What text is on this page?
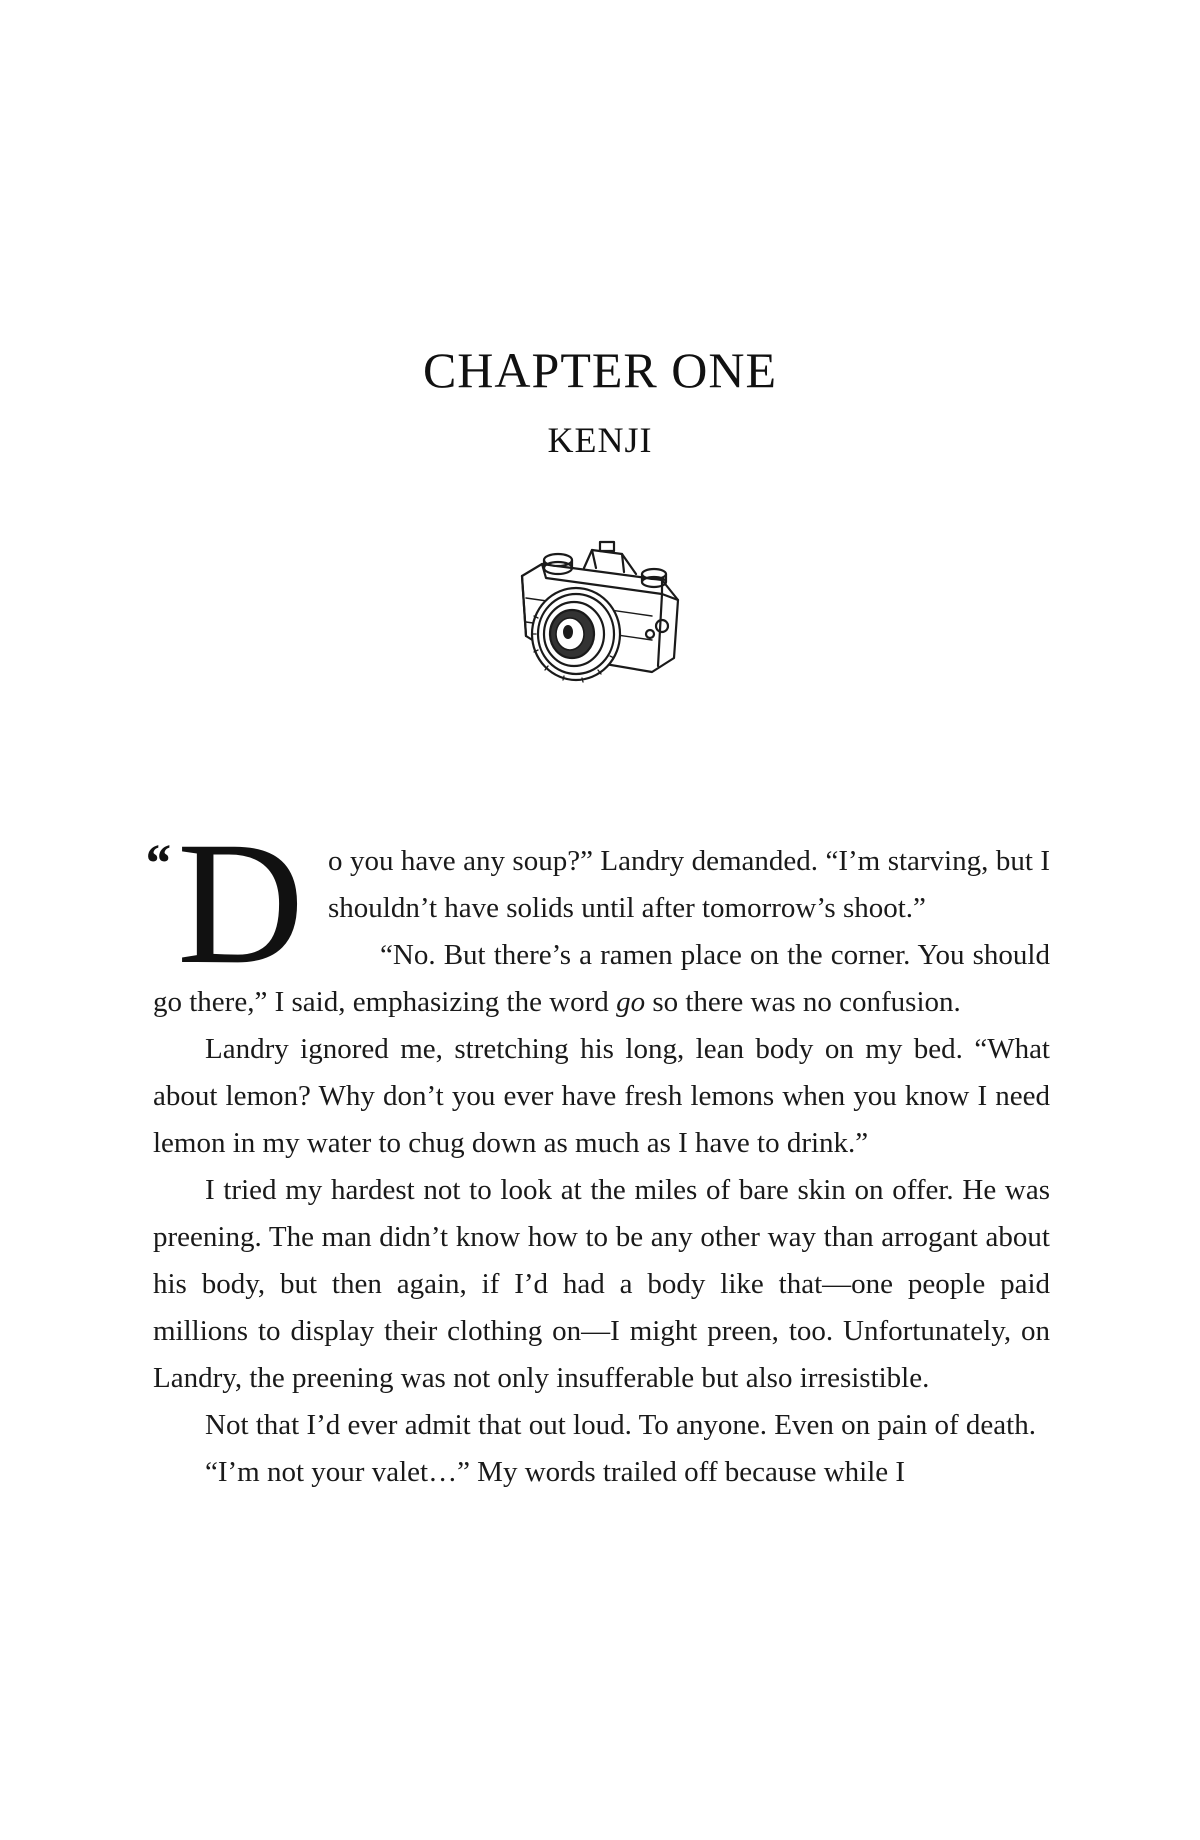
CHAPTER ONE
KENJI

“ D o you have any soup?” Landry demanded. “I’m starving, but I shouldn’t have solids until after tomorrow’s shoot.”

“No. But there’s a ramen place on the corner. You should go there,” I said, emphasizing the word go so there was no confusion.

Landry ignored me, stretching his long, lean body on my bed. “What about lemon? Why don’t you ever have fresh lemons when you know I need lemon in my water to chug down as much as I have to drink.”

I tried my hardest not to look at the miles of bare skin on offer. He was preening. The man didn’t know how to be any other way than arrogant about his body, but then again, if I’d had a body like that—one people paid millions to display their clothing on—I might preen, too. Unfortunately, on Landry, the preening was not only insufferable but also irresistible.

Not that I’d ever admit that out loud. To anyone. Even on pain of death.

“I’m not your valet…” My words trailed off because while I
